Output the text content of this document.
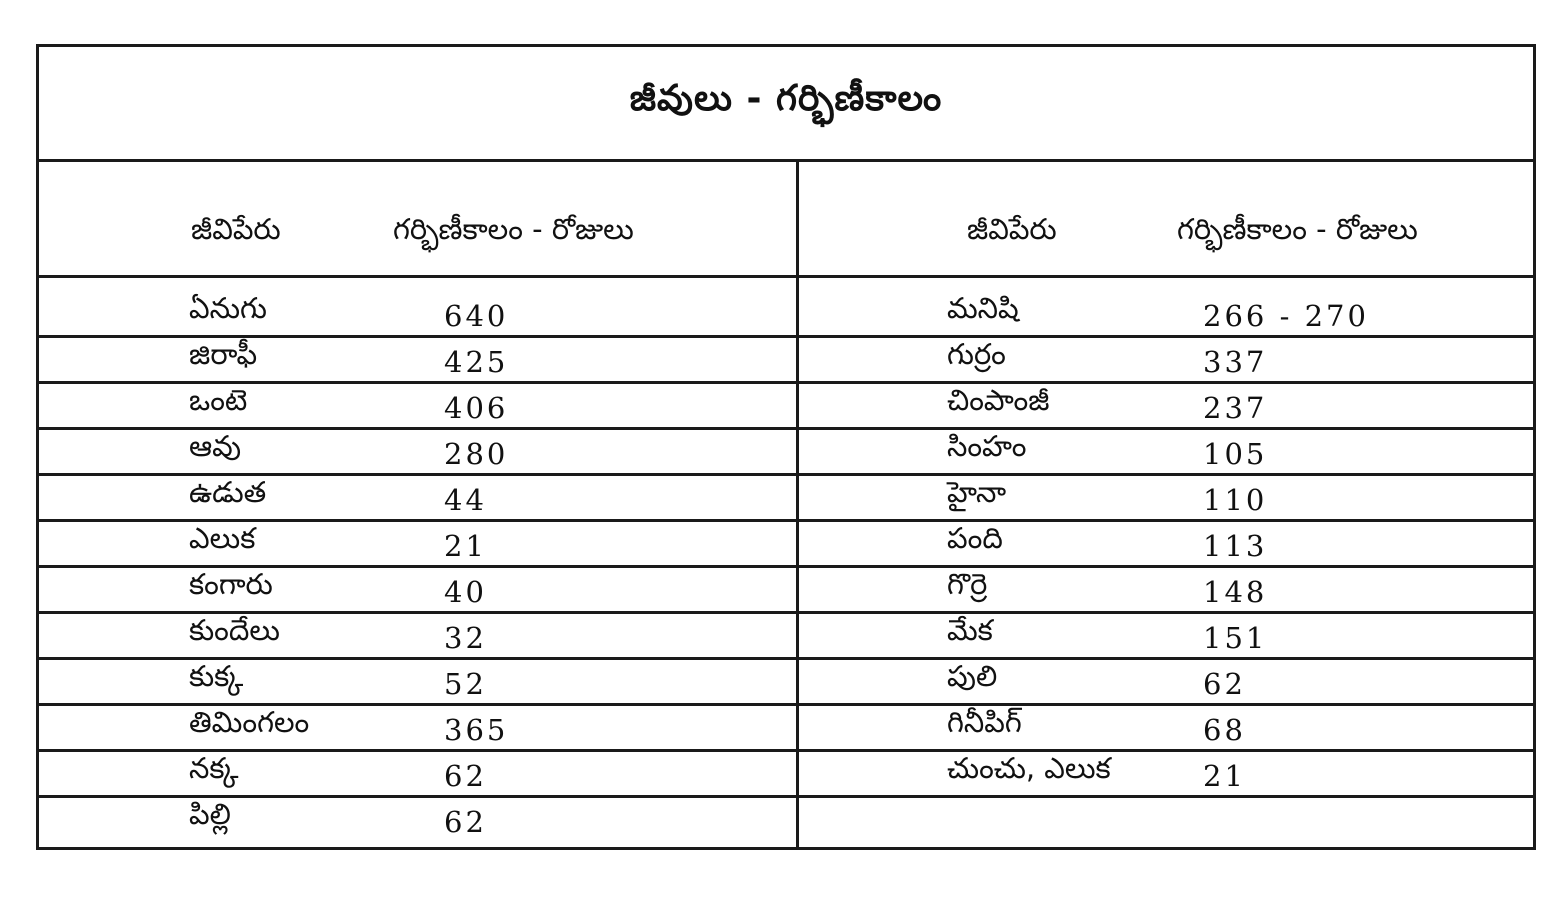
జీవులు - గర్భిణీకాలం
జీవిపేరు	గర్భిణీకాలం - రోజులు
ఏనుగు	640
జిరాఫీ	425
ఒంటె	406
ఆవు	280
ఉడుత	44
ఎలుక	21
కంగారు	40
కుందేలు	32
కుక్క	52
తిమింగలం	365
నక్క	62
పిల్లి	62
జీవిపేరు	గర్భిణీకాలం - రోజులు
మనిషి	266 - 270
గుర్రం	337
చింపాంజీ	237
సింహం	105
హైనా	110
పంది	113
గొర్రె	148
మేక	151
పులి	62
గినీపిగ్	68
చుంచు, ఎలుక	21
